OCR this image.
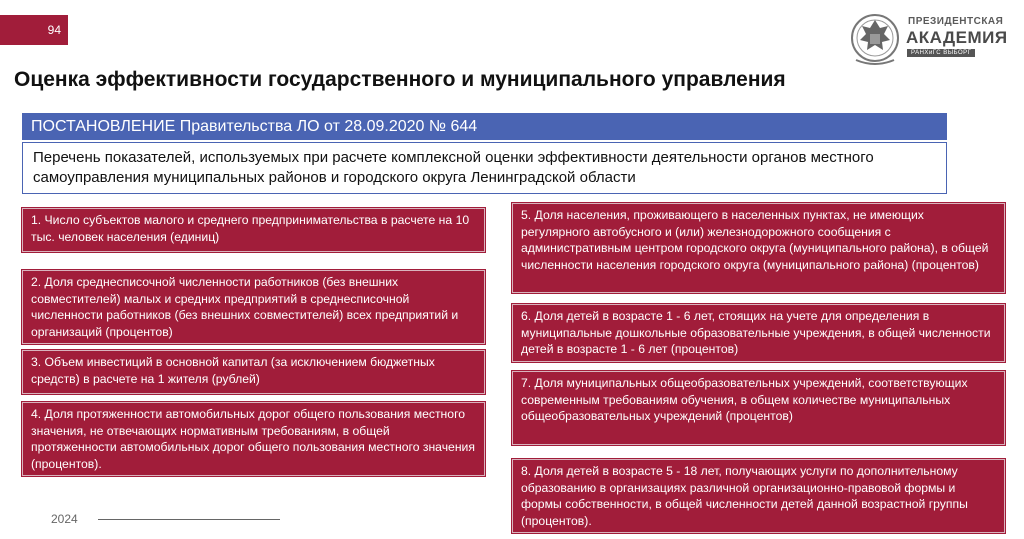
94
ПРЕЗИДЕНТСКАЯ
АКАДЕМИЯ
РАНХиГС ВЫБОРГ
Оценка эффективности государственного и муниципального управления
ПОСТАНОВЛЕНИЕ Правительства ЛО от 28.09.2020 № 644
Перечень показателей, используемых при расчете комплексной оценки эффективности деятельности органов местного самоуправления муниципальных районов и городского округа Ленинградской области
1. Число субъектов малого и среднего предпринимательства в расчете на 10 тыс. человек населения (единиц)
2. Доля среднесписочной численности работников (без внешних совместителей) малых и средних предприятий в среднесписочной численности работников (без внешних совместителей) всех предприятий и организаций (процентов)
3. Объем инвестиций в основной капитал (за исключением бюджетных средств) в расчете на 1 жителя (рублей)
4. Доля протяженности автомобильных дорог общего пользования местного значения, не отвечающих нормативным требованиям, в общей протяженности автомобильных дорог общего пользования местного значения (процентов).
5. Доля населения, проживающего в населенных пунктах, не имеющих регулярного автобусного и (или) железнодорожного сообщения с административным центром городского округа (муниципального района), в общей численности населения городского округа (муниципального района) (процентов)
6. Доля детей в возрасте 1 - 6 лет, стоящих на учете для определения в муниципальные дошкольные образовательные учреждения, в общей численности детей в возрасте 1 - 6 лет (процентов)
7. Доля муниципальных общеобразовательных учреждений, соответствующих современным требованиям обучения, в общем количестве муниципальных общеобразовательных учреждений (процентов)
8. Доля детей в возрасте 5 - 18 лет, получающих услуги по дополнительному образованию в организациях различной организационно-правовой формы и формы собственности, в общей численности детей данной возрастной группы (процентов).
2024
